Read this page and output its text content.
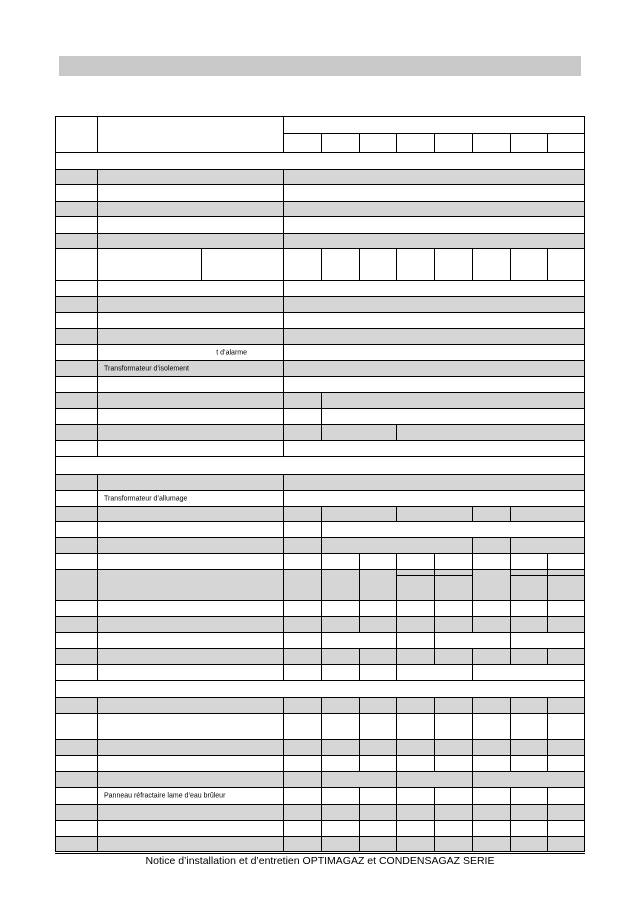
t d’alarme
Transformateur d’isolement
Transformateur d’allumage
Panneau réfractaire lame d’eau brûleur
Notice d’installation et d’entretien OPTIMAGAZ et CONDENSAGAZ SERIE
